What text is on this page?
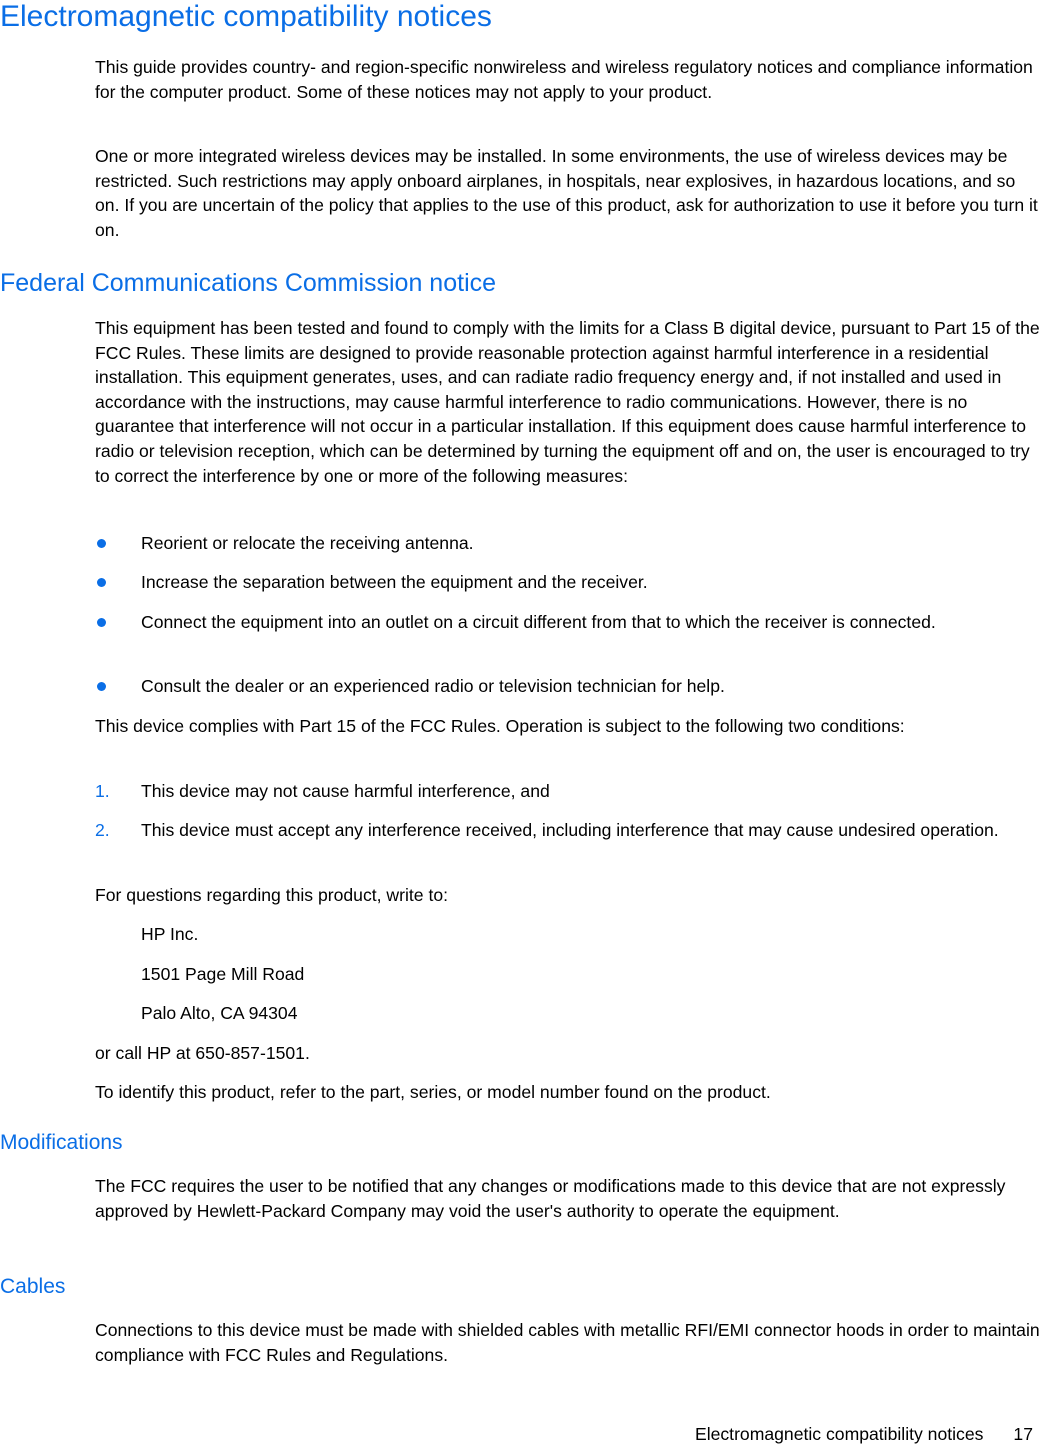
Electromagnetic compatibility notices

This guide provides country- and region-specific nonwireless and wireless regulatory notices and compliance information for the computer product. Some of these notices may not apply to your product.

One or more integrated wireless devices may be installed. In some environments, the use of wireless devices may be restricted. Such restrictions may apply onboard airplanes, in hospitals, near explosives, in hazardous locations, and so on. If you are uncertain of the policy that applies to the use of this product, ask for authorization to use it before you turn it on.

Federal Communications Commission notice

This equipment has been tested and found to comply with the limits for a Class B digital device, pursuant to Part 15 of the FCC Rules. These limits are designed to provide reasonable protection against harmful interference in a residential installation. This equipment generates, uses, and can radiate radio frequency energy and, if not installed and used in accordance with the instructions, may cause harmful interference to radio communications. However, there is no guarantee that interference will not occur in a particular installation. If this equipment does cause harmful interference to radio or television reception, which can be determined by turning the equipment off and on, the user is encouraged to try to correct the interference by one or more of the following measures:

Reorient or relocate the receiving antenna.
Increase the separation between the equipment and the receiver.
Connect the equipment into an outlet on a circuit different from that to which the receiver is connected.
Consult the dealer or an experienced radio or television technician for help.

This device complies with Part 15 of the FCC Rules. Operation is subject to the following two conditions:

1. This device may not cause harmful interference, and
2. This device must accept any interference received, including interference that may cause undesired operation.

For questions regarding this product, write to:

HP Inc.
1501 Page Mill Road
Palo Alto, CA 94304

or call HP at 650-857-1501.

To identify this product, refer to the part, series, or model number found on the product.

Modifications

The FCC requires the user to be notified that any changes or modifications made to this device that are not expressly approved by Hewlett-Packard Company may void the user's authority to operate the equipment.

Cables

Connections to this device must be made with shielded cables with metallic RFI/EMI connector hoods in order to maintain compliance with FCC Rules and Regulations.

Electromagnetic compatibility notices 17
